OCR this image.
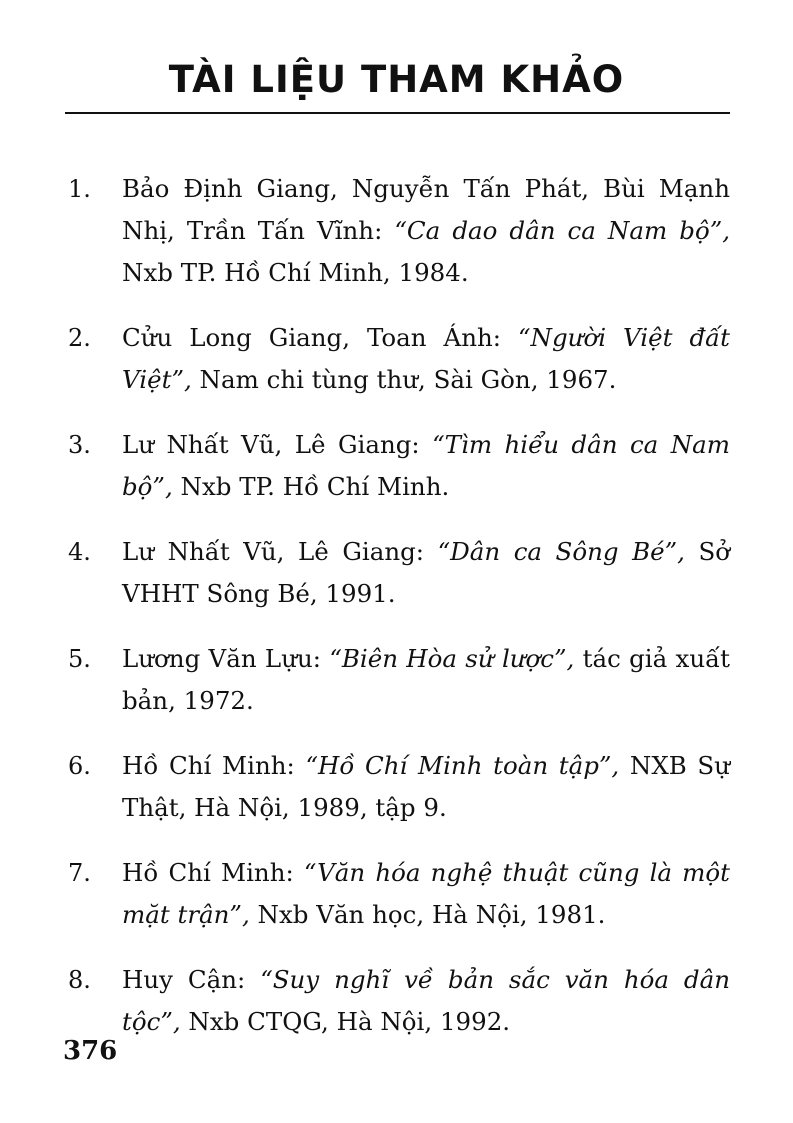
TÀI LIỆU THAM KHẢO
1. Bảo Định Giang, Nguyễn Tấn Phát, Bùi Mạnh Nhị, Trần Tấn Vĩnh: “Ca dao dân ca Nam bộ”, Nxb TP. Hồ Chí Minh, 1984.
2. Cửu Long Giang, Toan Ánh: “Người Việt đất Việt”, Nam chi tùng thư, Sài Gòn, 1967.
3. Lư Nhất Vũ, Lê Giang: “Tìm hiểu dân ca Nam bộ”, Nxb TP. Hồ Chí Minh.
4. Lư Nhất Vũ, Lê Giang: “Dân ca Sông Bé”, Sở VHHT Sông Bé, 1991.
5. Lương Văn Lựu: “Biên Hòa sử lược”, tác giả xuất bản, 1972.
6. Hồ Chí Minh: “Hồ Chí Minh toàn tập”, NXB Sự Thật, Hà Nội, 1989, tập 9.
7. Hồ Chí Minh: “Văn hóa nghệ thuật cũng là một mặt trận”, Nxb Văn học, Hà Nội, 1981.
8. Huy Cận: “Suy nghĩ về bản sắc văn hóa dân tộc”, Nxb CTQG, Hà Nội, 1992.
376
